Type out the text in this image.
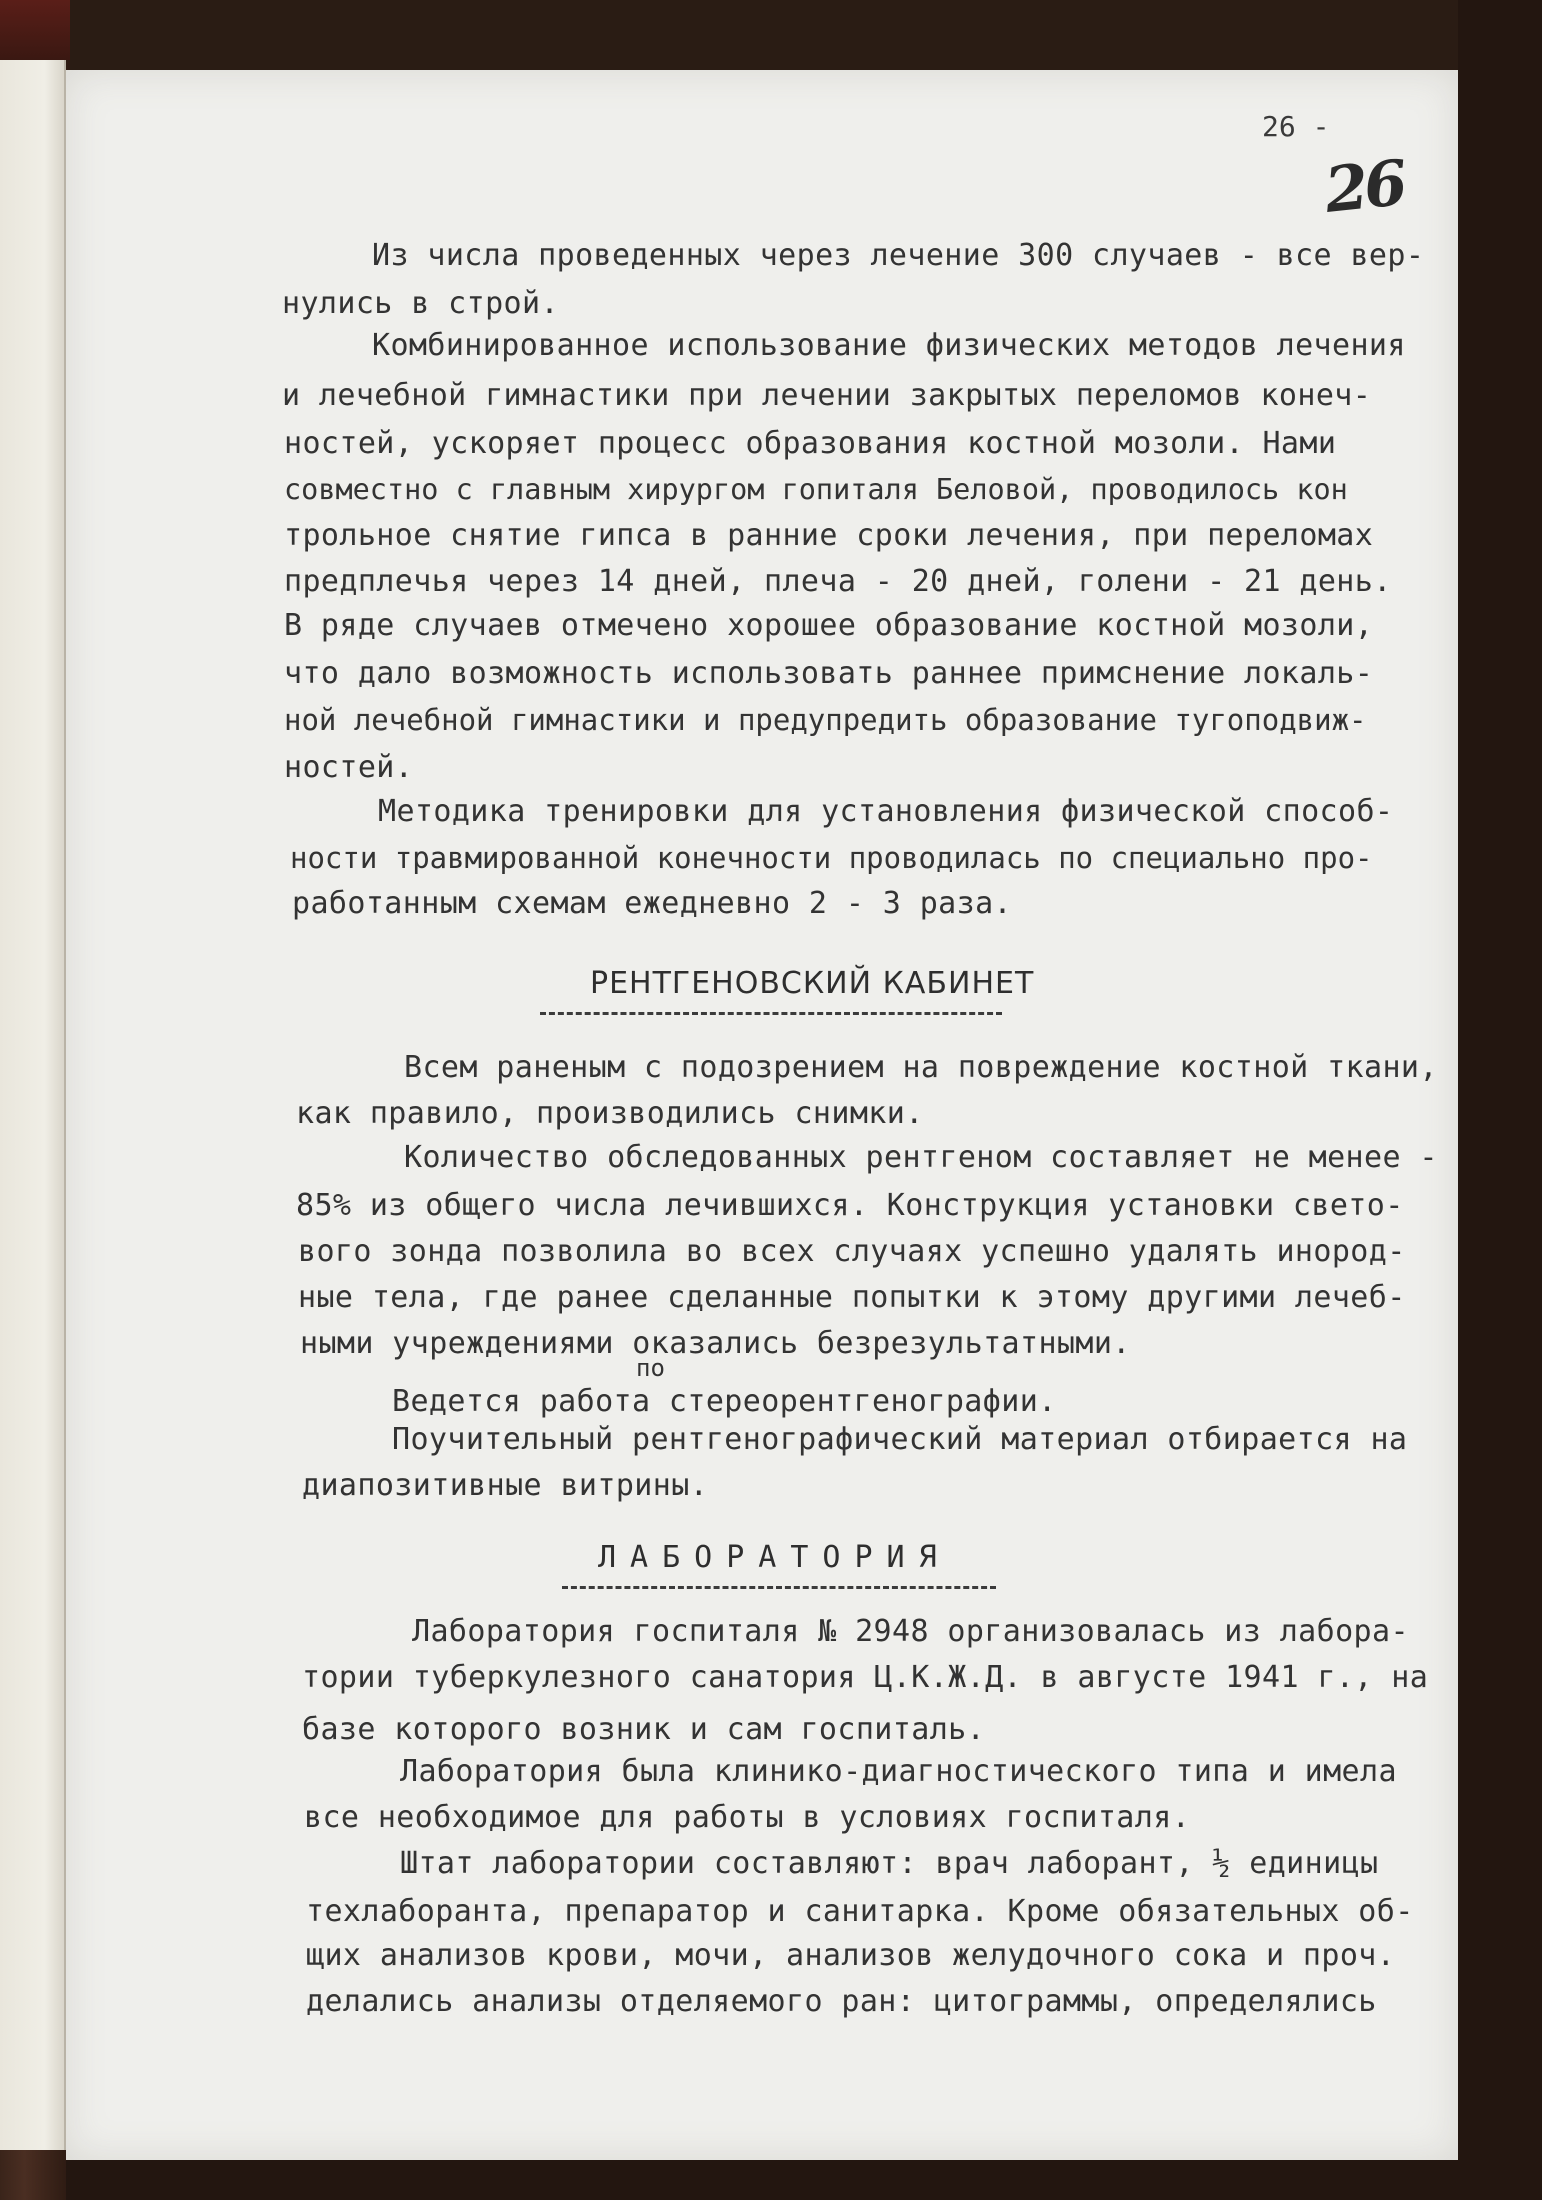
26 -
26
Из числа проведенных через лечение 300 случаев - все вер-
нулись в строй.
Комбинированное использование физических методов лечения
и лечебной гимнастики при лечении закрытых переломов конеч-
ностей, ускоряет процесс образования костной мозоли. Нами
совместно с главным хирургом гопиталя Беловой, проводилось кон
трольное снятие гипса в ранние сроки лечения, при переломах
предплечья через 14 дней, плеча - 20 дней, голени - 21 день.
В ряде случаев отмечено хорошее образование костной мозоли,
что дало возможность использовать раннее примснение локаль-
ной лечебной гимнастики и предупредить образование тугоподвиж-
ностей.
Методика тренировки для установления физической способ-
ности травмированной конечности проводилась по специально про-
работанным схемам ежедневно 2 - 3 раза.
РЕНТГЕНОВСКИЙ КАБИНЕТ
Всем раненым с подозрением на повреждение костной ткани,
как правило, производились снимки.
Количество обследованных рентгеном составляет не менее -
85% из общего числа лечившихся. Конструкция установки свето-
вого зонда позволила во всех случаях успешно удалять инород-
ные тела, где ранее сделанные попытки к этому другими лечеб-
ными учреждениями оказались безрезультатными.
по
Ведется работа стереорентгенографии.
Поучительный рентгенографический материал отбирается на
диапозитивные витрины.
ЛАБОРАТОРИЯ
Лаборатория госпиталя № 2948 организовалась из лабора-
тории туберкулезного санатория Ц.К.Ж.Д. в августе 1941 г., на
базе которого возник и сам госпиталь.
Лаборатория была клинико-диагностического типа и имела
все необходимое для работы в условиях госпиталя.
Штат лаборатории составляют: врач лаборант, ½ единицы
техлаборанта, препаратор и санитарка. Кроме обязательных об-
щих анализов крови, мочи, анализов желудочного сока и проч.
делались анализы отделяемого ран: цитограммы, определялись
